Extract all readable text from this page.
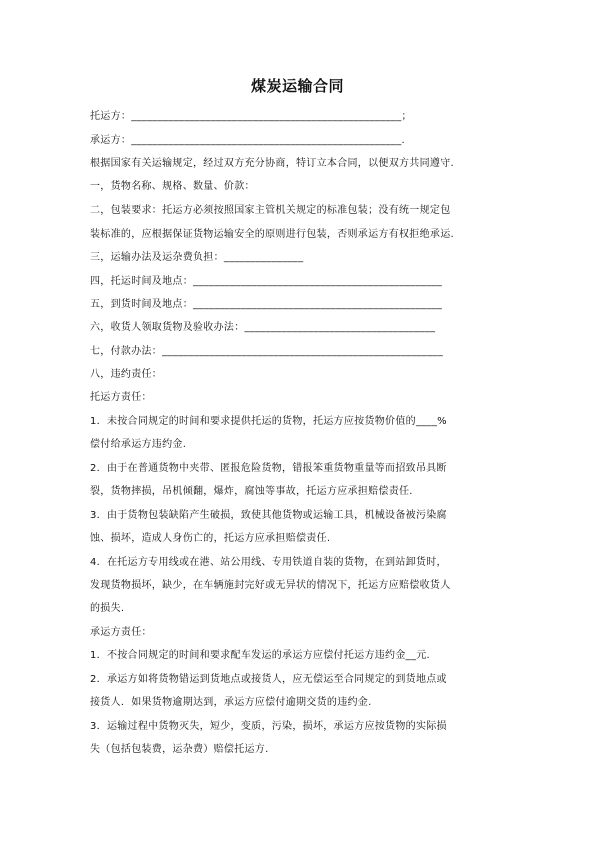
煤炭运输合同
托运方：___________________________________________________；
承运方：___________________________________________________.
根据国家有关运输规定，经过双方充分协商，特订立本合同，以便双方共同遵守.
一，货物名称、规格、数量、价款：
二，包装要求：托运方必须按照国家主管机关规定的标准包装；没有统一规定包
装标准的，应根据保证货物运输安全的原则进行包装，否则承运方有权拒绝承运.
三，运输办法及运杂费负担：_______________
四，托运时间及地点：_______________________________________________
五，到货时间及地点：_______________________________________________
六，收货人领取货物及验收办法：____________________________________
七，付款办法：_____________________________________________________
八，违约责任：
托运方责任：
1．未按合同规定的时间和要求提供托运的货物，托运方应按货物价值的____%
偿付给承运方违约金.
2．由于在普通货物中夹带、匿报危险货物，错报笨重货物重量等而招致吊具断
裂，货物摔损，吊机倾翻，爆炸，腐蚀等事故，托运方应承担赔偿责任.
3．由于货物包装缺陷产生破损，致使其他货物或运输工具，机械设备被污染腐
蚀、损坏，造成人身伤亡的，托运方应承担赔偿责任.
4．在托运方专用线或在港、站公用线、专用铁道自装的货物，在到站卸货时，
发现货物损坏，缺少，在车辆施封完好或无异状的情况下，托运方应赔偿收货人
的损失.
承运方责任：
1．不按合同规定的时间和要求配车发运的承运方应偿付托运方违约金__元.
2．承运方如将货物错运到货地点或接货人，应无偿运至合同规定的到货地点或
接货人．如果货物逾期达到，承运方应偿付逾期交货的违约金.
3．运输过程中货物灭失，短少，变质，污染，损坏，承运方应按货物的实际损
失（包括包装费，运杂费）赔偿托运方.
